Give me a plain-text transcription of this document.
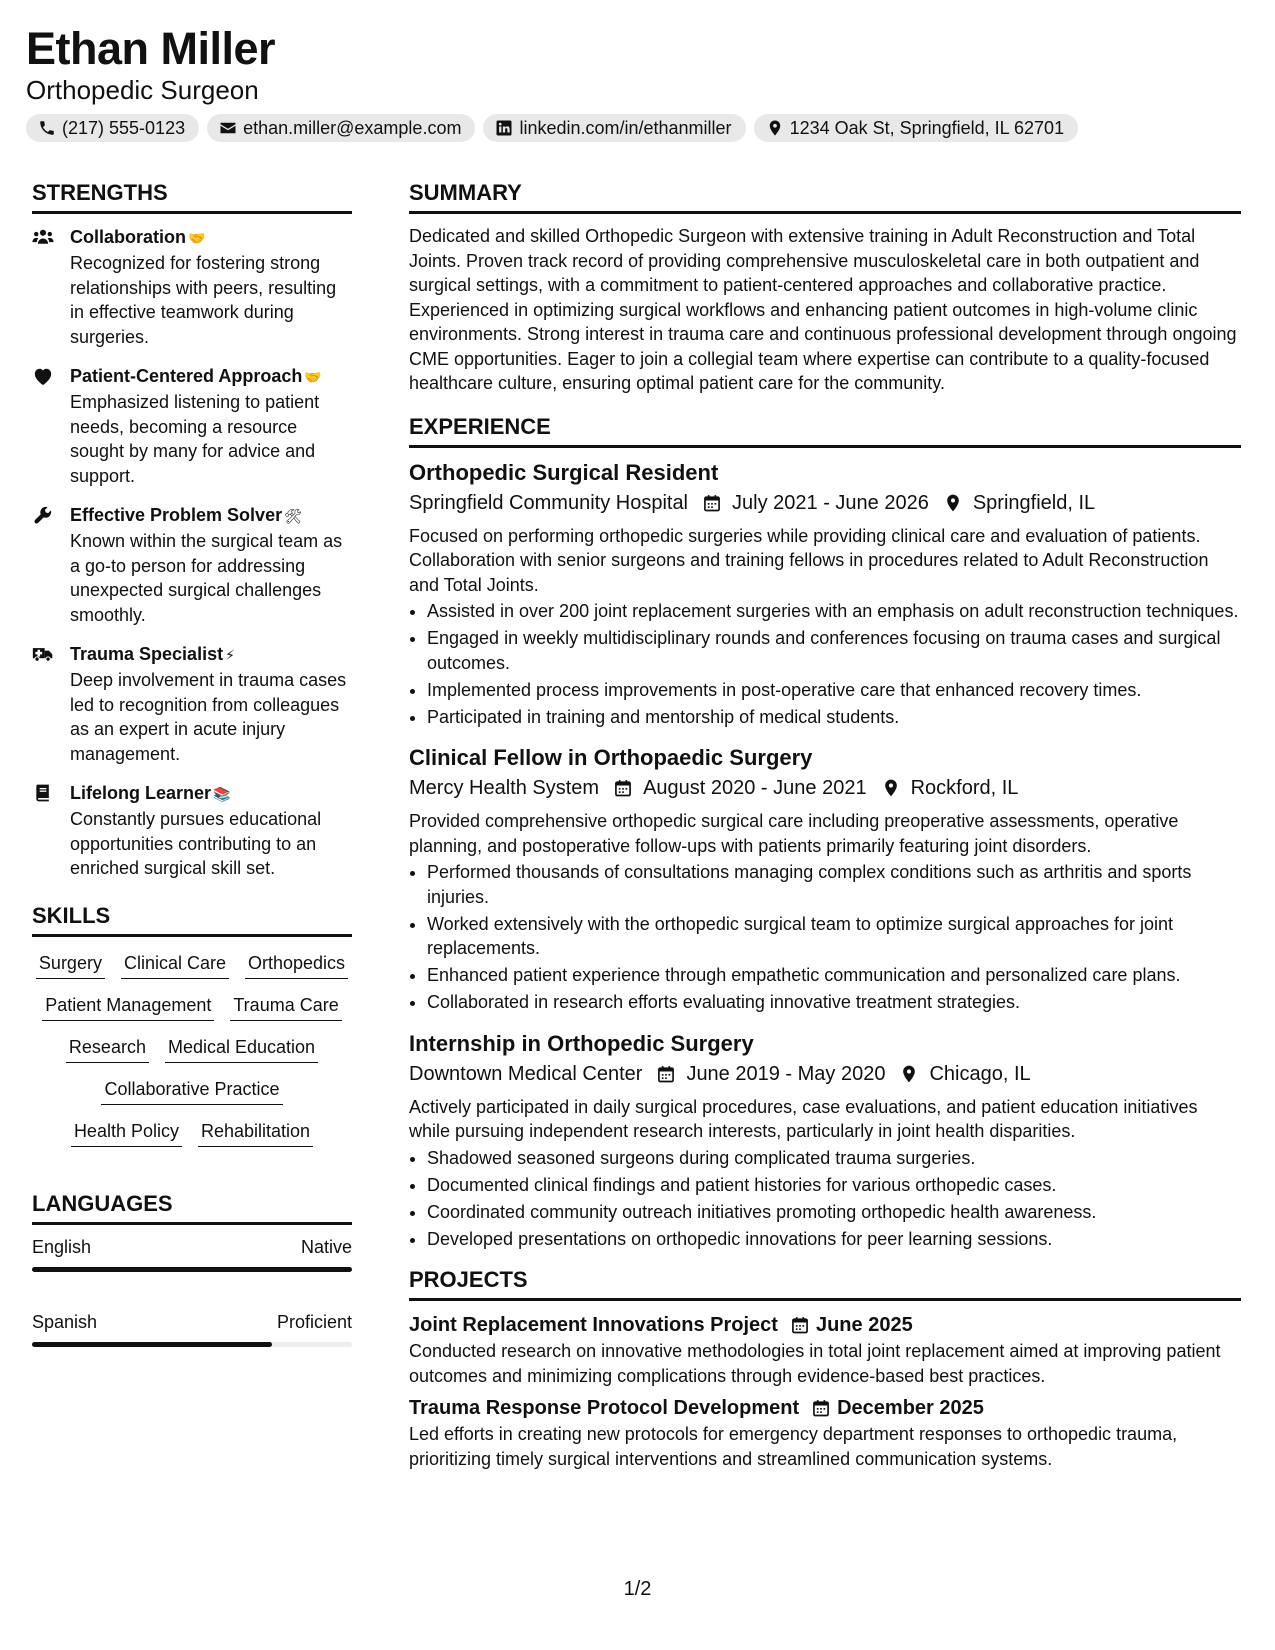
Ethan Miller
Orthopedic Surgeon
(217) 555-0123	ethan.miller@example.com	linkedin.com/in/ethanmiller	1234 Oak St, Springfield, IL 62701
STRENGTHS
Collaboration 🤝
Recognized for fostering strong relationships with peers, resulting in effective teamwork during surgeries.
Patient-Centered Approach 🤝
Emphasized listening to patient needs, becoming a resource sought by many for advice and support.
Effective Problem Solver 🛠
Known within the surgical team as a go-to person for addressing unexpected surgical challenges smoothly.
Trauma Specialist ⚡
Deep involvement in trauma cases led to recognition from colleagues as an expert in acute injury management.
Lifelong Learner 📚
Constantly pursues educational opportunities contributing to an enriched surgical skill set.
SKILLS
Surgery Clinical Care Orthopedics
Patient Management Trauma Care
Research Medical Education
Collaborative Practice
Health Policy Rehabilitation
LANGUAGES
English	Native
Spanish	Proficient
SUMMARY
Dedicated and skilled Orthopedic Surgeon with extensive training in Adult Reconstruction and Total Joints. Proven track record of providing comprehensive musculoskeletal care in both outpatient and surgical settings, with a commitment to patient-centered approaches and collaborative practice. Experienced in optimizing surgical workflows and enhancing patient outcomes in high-volume clinic environments. Strong interest in trauma care and continuous professional development through ongoing CME opportunities. Eager to join a collegial team where expertise can contribute to a quality-focused healthcare culture, ensuring optimal patient care for the community.
EXPERIENCE
Orthopedic Surgical Resident
Springfield Community Hospital July 2021 - June 2026 Springfield, IL
Focused on performing orthopedic surgeries while providing clinical care and evaluation of patients. Collaboration with senior surgeons and training fellows in procedures related to Adult Reconstruction and Total Joints.
• Assisted in over 200 joint replacement surgeries with an emphasis on adult reconstruction techniques.
• Engaged in weekly multidisciplinary rounds and conferences focusing on trauma cases and surgical outcomes.
• Implemented process improvements in post-operative care that enhanced recovery times.
• Participated in training and mentorship of medical students.
Clinical Fellow in Orthopaedic Surgery
Mercy Health System August 2020 - June 2021 Rockford, IL
Provided comprehensive orthopedic surgical care including preoperative assessments, operative planning, and postoperative follow-ups with patients primarily featuring joint disorders.
• Performed thousands of consultations managing complex conditions such as arthritis and sports injuries.
• Worked extensively with the orthopedic surgical team to optimize surgical approaches for joint replacements.
• Enhanced patient experience through empathetic communication and personalized care plans.
• Collaborated in research efforts evaluating innovative treatment strategies.
Internship in Orthopedic Surgery
Downtown Medical Center June 2019 - May 2020 Chicago, IL
Actively participated in daily surgical procedures, case evaluations, and patient education initiatives while pursuing independent research interests, particularly in joint health disparities.
• Shadowed seasoned surgeons during complicated trauma surgeries.
• Documented clinical findings and patient histories for various orthopedic cases.
• Coordinated community outreach initiatives promoting orthopedic health awareness.
• Developed presentations on orthopedic innovations for peer learning sessions.
PROJECTS
Joint Replacement Innovations Project June 2025
Conducted research on innovative methodologies in total joint replacement aimed at improving patient outcomes and minimizing complications through evidence-based best practices.
Trauma Response Protocol Development December 2025
Led efforts in creating new protocols for emergency department responses to orthopedic trauma, prioritizing timely surgical interventions and streamlined communication systems.
1/2
